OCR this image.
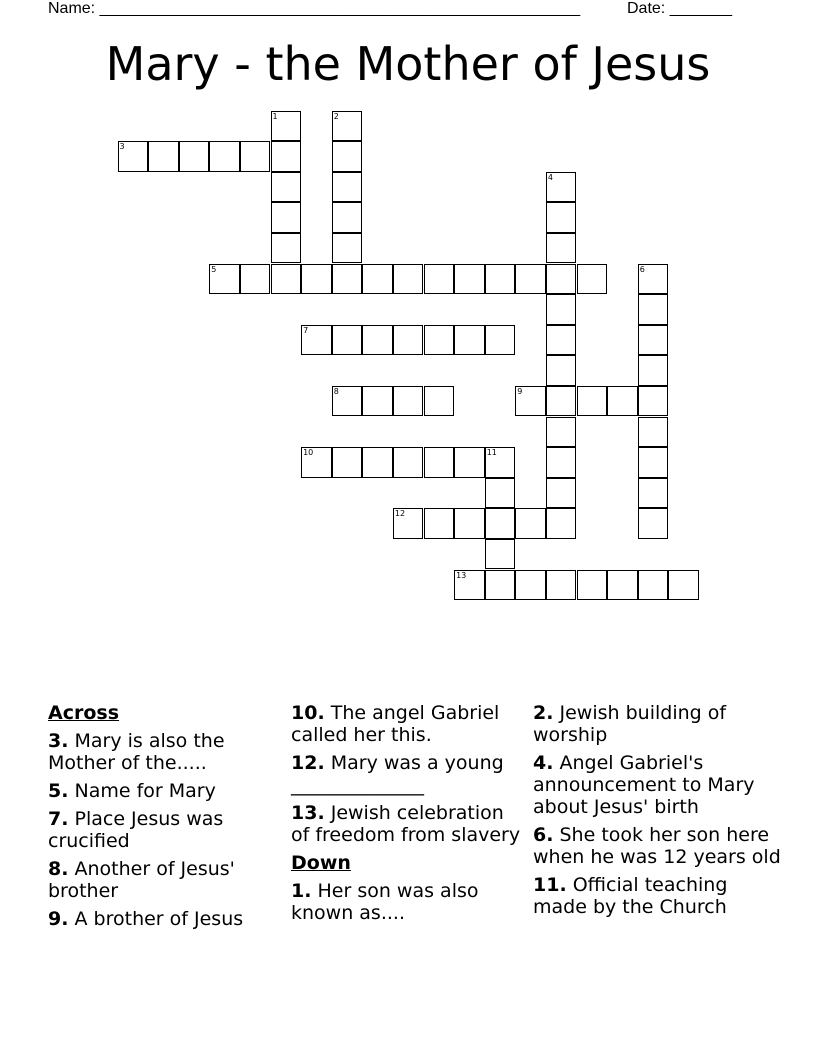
Name: ______________________________________________________	Date: _______
Mary - the Mother of Jesus
1	2
3
4
5	6
7
8	9
10	11
12
13
Across
3. Mary is also the Mother of the.....
5. Name for Mary
7. Place Jesus was crucified
8. Another of Jesus' brother
9. A brother of Jesus
10. The angel Gabriel called her this.
12. Mary was a young
______________
13. Jewish celebration of freedom from slavery
Down
1. Her son was also known as....
2. Jewish building of worship
4. Angel Gabriel's announcement to Mary about Jesus' birth
6. She took her son here when he was 12 years old
11. Official teaching made by the Church
